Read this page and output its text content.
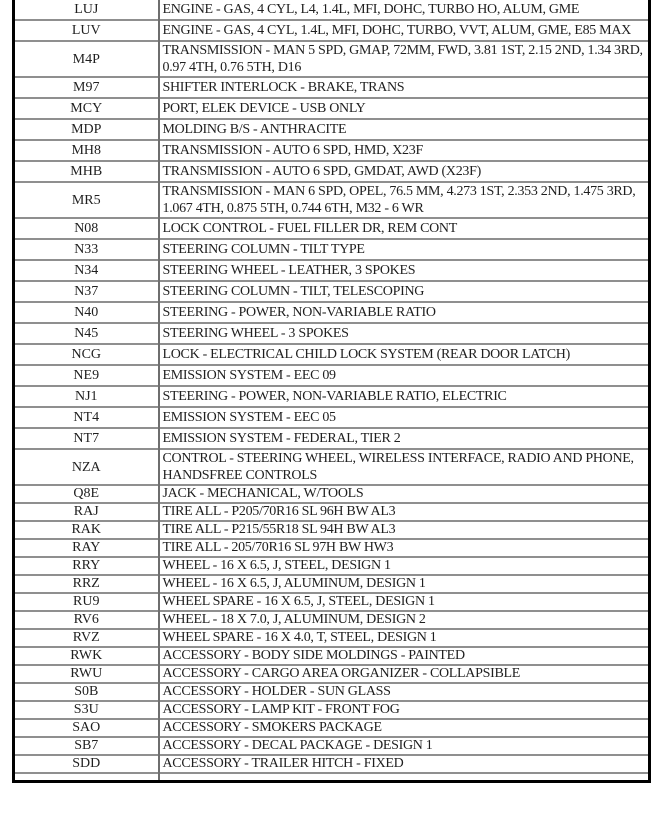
LUJ	ENGINE - GAS, 4 CYL, L4, 1.4L, MFI, DOHC, TURBO HO, ALUM, GME
LUV	ENGINE - GAS, 4 CYL, 1.4L, MFI, DOHC, TURBO, VVT, ALUM, GME, E85 MAX
M4P	TRANSMISSION - MAN 5 SPD, GMAP, 72MM, FWD, 3.81 1ST, 2.15 2ND, 1.34 3RD, 0.97 4TH, 0.76 5TH, D16
M97	SHIFTER INTERLOCK - BRAKE, TRANS
MCY	PORT, ELEK DEVICE - USB ONLY
MDP	MOLDING B/S - ANTHRACITE
MH8	TRANSMISSION - AUTO 6 SPD, HMD, X23F
MHB	TRANSMISSION - AUTO 6 SPD, GMDAT, AWD (X23F)
MR5	TRANSMISSION - MAN 6 SPD, OPEL, 76.5 MM, 4.273 1ST, 2.353 2ND, 1.475 3RD, 1.067 4TH, 0.875 5TH, 0.744 6TH, M32 - 6 WR
N08	LOCK CONTROL - FUEL FILLER DR, REM CONT
N33	STEERING COLUMN - TILT TYPE
N34	STEERING WHEEL - LEATHER, 3 SPOKES
N37	STEERING COLUMN - TILT, TELESCOPING
N40	STEERING - POWER, NON-VARIABLE RATIO
N45	STEERING WHEEL - 3 SPOKES
NCG	LOCK - ELECTRICAL CHILD LOCK SYSTEM (REAR DOOR LATCH)
NE9	EMISSION SYSTEM - EEC 09
NJ1	STEERING - POWER, NON-VARIABLE RATIO, ELECTRIC
NT4	EMISSION SYSTEM - EEC 05
NT7	EMISSION SYSTEM - FEDERAL, TIER 2
NZA	CONTROL - STEERING WHEEL, WIRELESS INTERFACE, RADIO AND PHONE, HANDSFREE CONTROLS
Q8E	JACK - MECHANICAL, W/TOOLS
RAJ	TIRE ALL - P205/70R16 SL 96H BW AL3
RAK	TIRE ALL - P215/55R18 SL 94H BW AL3
RAY	TIRE ALL - 205/70R16 SL 97H BW HW3
RRY	WHEEL - 16 X 6.5, J, STEEL, DESIGN 1
RRZ	WHEEL - 16 X 6.5, J, ALUMINUM, DESIGN 1
RU9	WHEEL SPARE - 16 X 6.5, J, STEEL, DESIGN 1
RV6	WHEEL - 18 X 7.0, J, ALUMINUM, DESIGN 2
RVZ	WHEEL SPARE - 16 X 4.0, T, STEEL, DESIGN 1
RWK	ACCESSORY - BODY SIDE MOLDINGS - PAINTED
RWU	ACCESSORY - CARGO AREA ORGANIZER - COLLAPSIBLE
S0B	ACCESSORY - HOLDER - SUN GLASS
S3U	ACCESSORY - LAMP KIT - FRONT FOG
SAO	ACCESSORY - SMOKERS PACKAGE
SB7	ACCESSORY - DECAL PACKAGE - DESIGN 1
SDD	ACCESSORY - TRAILER HITCH - FIXED
